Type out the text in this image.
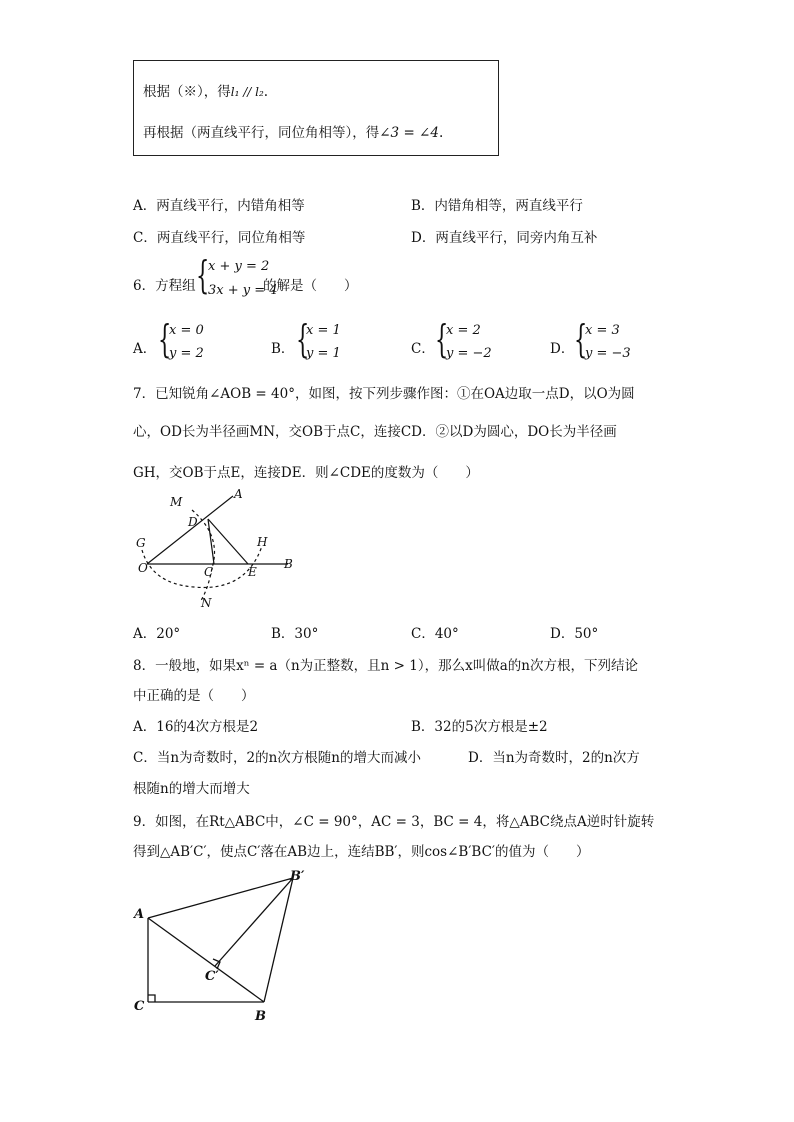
根据（※），得l₁ // l₂.
再根据（两直线平行，同位角相等），得∠3 = ∠4.
A．两直线平行，内错角相等	B．内错角相等，两直线平行
C．两直线平行，同位角相等	D．两直线平行，同旁内角互补
6．方程组 {
x + y = 2
3x + y = 4
的解是（　　）
A． {
x = 0
y = 2	B． {
x = 1
y = 1	C． {
x = 2
y = −2	D． {
x = 3
y = −3
7．已知锐角∠AOB = 40°，如图，按下列步骤作图：①在OA边取一点D，以O为圆
心，OD长为半径画MN，交OB于点C，连接CD．②以D为圆心，DO长为半径画
GH，交OB于点E，连接DE．则∠CDE的度数为（　　）
M
A
D
G	H
O	C	E
B
N
A．20°	B．30°	C．40°	D．50°
8．一般地，如果xⁿ = a（n为正整数，且n > 1），那么x叫做a的n次方根，下列结论
中正确的是（　　）
A．16的4次方根是2	B．32的5次方根是±2
C．当n为奇数时，2的n次方根随n的增大而减小	D．当n为奇数时，2的n次方
根随n的增大而增大
9．如图，在Rt△ABC中，∠C = 90°，AC = 3，BC = 4，将△ABC绕点A逆时针旋转
得到△AB′C′，使点C′落在AB边上，连结BB′，则cos∠B′BC′的值为（　　）
A
C
B
B′
C′
